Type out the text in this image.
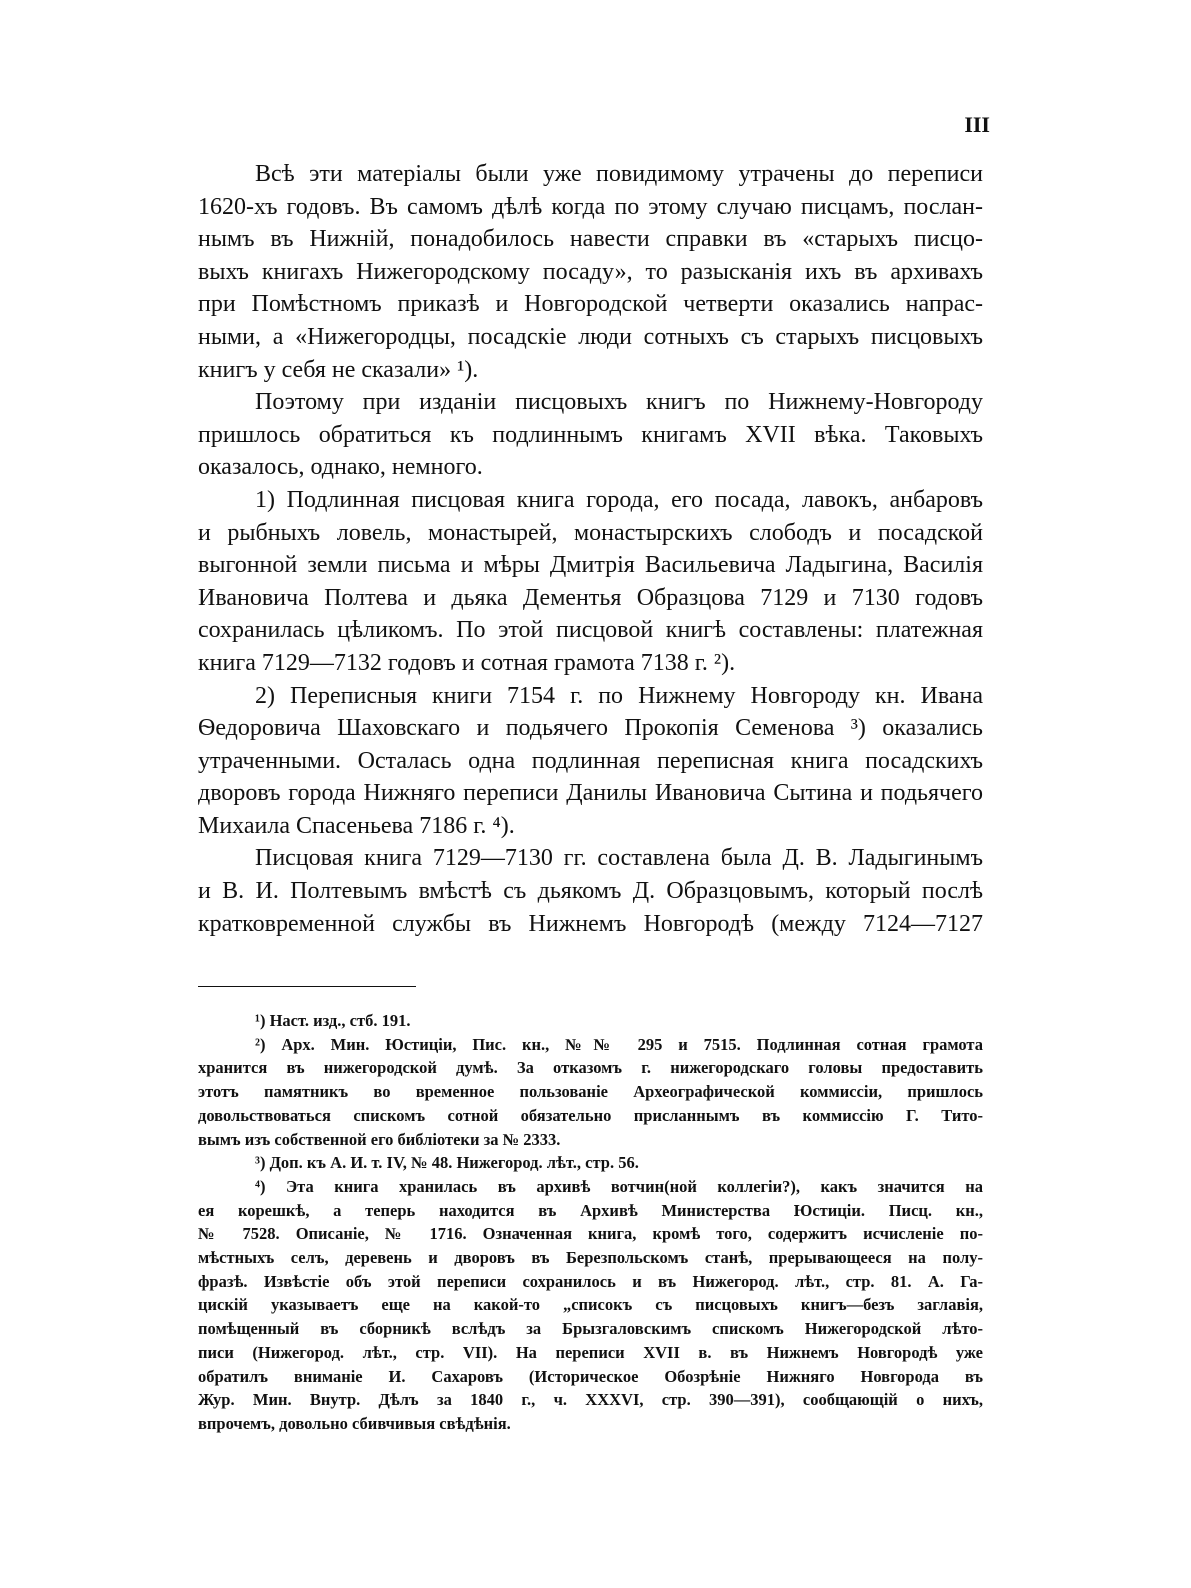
III
Всѣ эти матеріалы были уже повидимому утрачены до переписи
1620-хъ годовъ. Въ самомъ дѣлѣ когда по этому случаю писцамъ, послан-
нымъ въ Нижній, понадобилось навести справки въ «старыхъ писцо-
выхъ книгахъ Нижегородскому посаду», то разысканія ихъ въ архивахъ
при Помѣстномъ приказѣ и Новгородской четверти оказались напрас-
ными, а «Нижегородцы, посадскіе люди сотныхъ съ старыхъ писцовыхъ
книгъ у себя не сказали» ¹).
Поэтому при изданіи писцовыхъ книгъ по Нижнему-Новгороду
пришлось обратиться къ подлиннымъ книгамъ XVII вѣка. Таковыхъ
оказалось, однако, немного.
1) Подлинная писцовая книга города, его посада, лавокъ, анбаровъ
и рыбныхъ ловель, монастырей, монастырскихъ слободъ и посадской
выгонной земли письма и мѣры Дмитрія Васильевича Ладыгина, Василія
Ивановича Полтева и дьяка Дементья Образцова 7129 и 7130 годовъ
сохранилась цѣликомъ. По этой писцовой книгѣ составлены: платежная
книга 7129—7132 годовъ и сотная грамота 7138 г. ²).
2) Переписныя книги 7154 г. по Нижнему Новгороду кн. Ивана
Ѳедоровича Шаховскаго и подьячего Прокопія Семенова ³) оказались
утраченными. Осталась одна подлинная переписная книга посадскихъ
дворовъ города Нижняго переписи Данилы Ивановича Сытина и подьячего
Михаила Спасеньева 7186 г. ⁴).
Писцовая книга 7129—7130 гг. составлена была Д. В. Ладыгинымъ
и В. И. Полтевымъ вмѣстѣ съ дьякомъ Д. Образцовымъ, который послѣ
кратковременной службы въ Нижнемъ Новгородѣ (между 7124—7127
¹) Наст. изд., стб. 191.
²) Арх. Мин. Юстиціи, Пис. кн., №№ 295 и 7515. Подлинная сотная грамота
хранится въ нижегородской думѣ. За отказомъ г. нижегородскаго головы предоставить
этотъ памятникъ во временное пользованіе Археографической коммиссіи, пришлось
довольствоваться спискомъ сотной обязательно присланнымъ въ коммиссію Г. Тито-
вымъ изъ собственной его библіотеки за № 2333.
³) Доп. къ А. И. т. IV, № 48. Нижегород. лѣт., стр. 56.
⁴) Эта книга хранилась въ архивѣ вотчин(ной коллегіи?), какъ значится на
ея корешкѣ, а теперь находится въ Архивѣ Министерства Юстиціи. Писц. кн.,
№ 7528. Описаніе, № 1716. Означенная книга, кромѣ того, содержитъ исчисленіе по-
мѣстныхъ селъ, деревень и дворовъ въ Березпольскомъ станѣ, прерывающееся на полу-
фразѣ. Извѣстіе объ этой переписи сохранилось и въ Нижегород. лѣт., стр. 81. А. Га-
цискій указываетъ еще на какой-то „списокъ съ писцовыхъ книгъ—безъ заглавія,
помѣщенный въ сборникѣ вслѣдъ за Брызгаловскимъ спискомъ Нижегородской лѣто-
писи (Нижегород. лѣт., стр. VII). На переписи XVII в. въ Нижнемъ Новгородѣ уже
обратилъ вниманіе И. Сахаровъ (Историческое Обозрѣніе Нижняго Новгорода въ
Жур. Мин. Внутр. Дѣлъ за 1840 г., ч. XXXVI, стр. 390—391), сообщающій о нихъ,
впрочемъ, довольно сбивчивыя свѣдѣнія.
